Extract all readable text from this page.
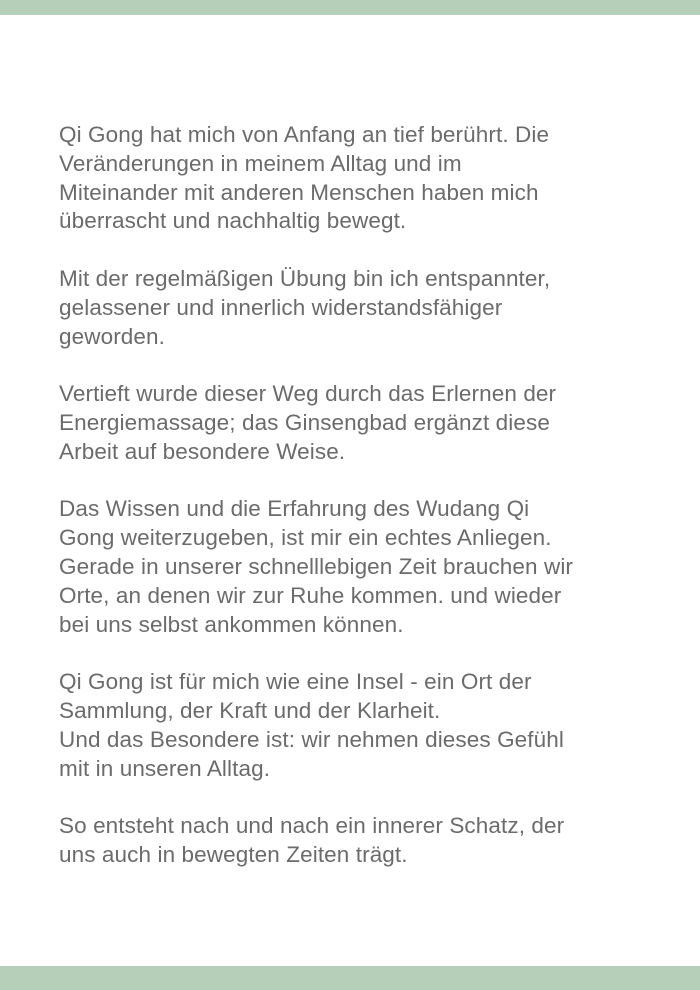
Qi Gong hat mich von Anfang an tief berührt. Die
Veränderungen in meinem Alltag und im
Miteinander mit anderen Menschen haben mich
überrascht und nachhaltig bewegt.

Mit der regelmäßigen Übung bin ich entspannter,
gelassener und innerlich widerstandsfähiger
geworden.

Vertieft wurde dieser Weg durch das Erlernen der
Energiemassage; das Ginsengbad ergänzt diese
Arbeit auf besondere Weise.

Das Wissen und die Erfahrung des Wudang Qi
Gong weiterzugeben, ist mir ein echtes Anliegen.
Gerade in unserer schnelllebigen Zeit brauchen wir
Orte, an denen wir zur Ruhe kommen. und wieder
bei uns selbst ankommen können.

Qi Gong ist für mich wie eine Insel - ein Ort der
Sammlung, der Kraft und der Klarheit.
Und das Besondere ist: wir nehmen dieses Gefühl
mit in unseren Alltag.

So entsteht nach und nach ein innerer Schatz, der
uns auch in bewegten Zeiten trägt.
